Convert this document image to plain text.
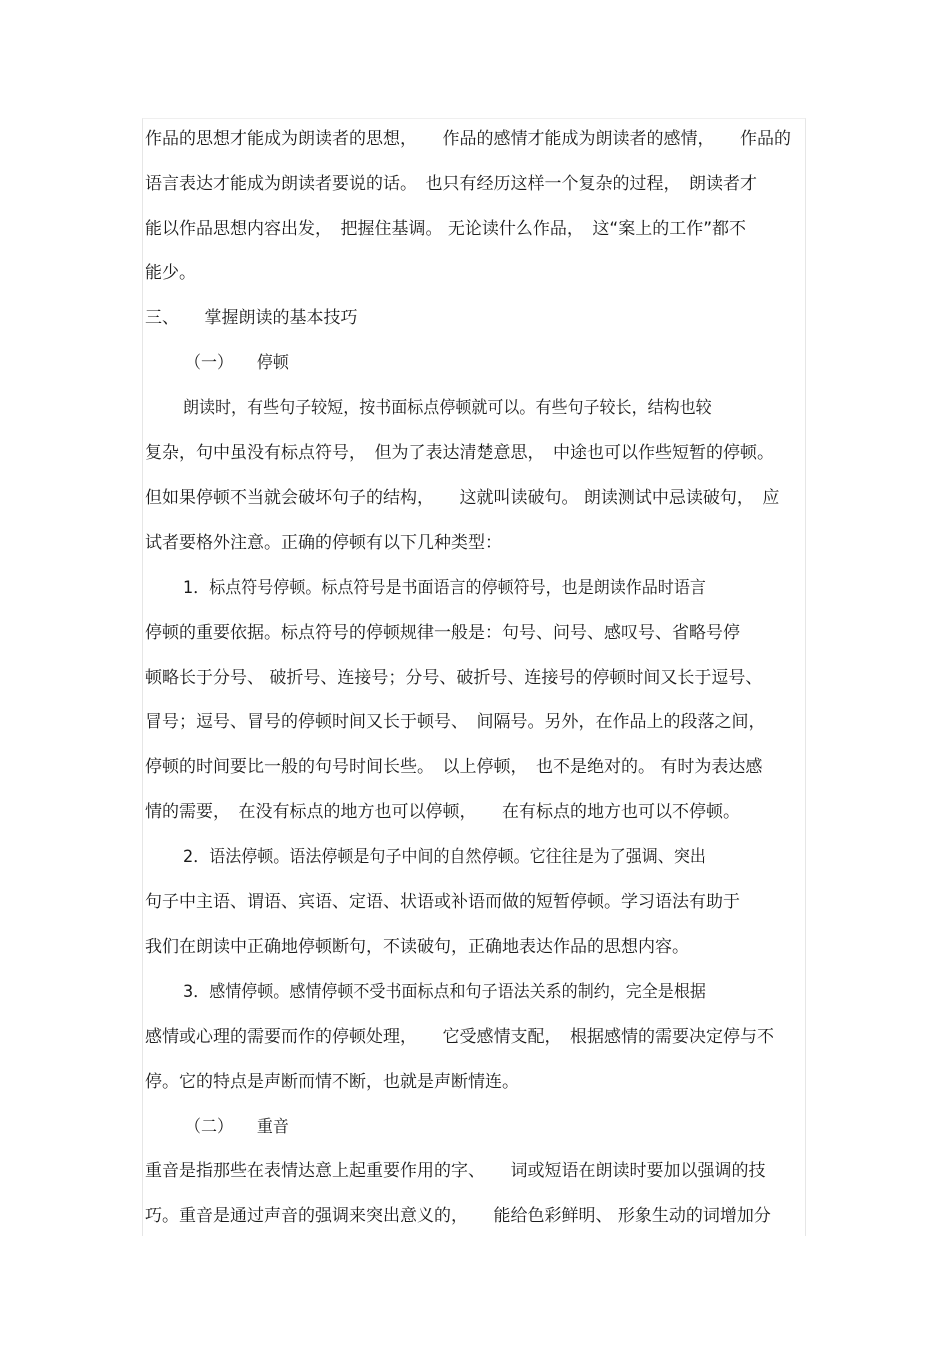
作品的思想才能成为朗读者的思想，　　作品的感情才能成为朗读者的感情，　　作品的
语言表达才能成为朗读者要说的话。　也只有经历这样一个复杂的过程，　朗读者才
能以作品思想内容出发，　把握住基调。 无论读什么作品，　这“案上的工作”都不
能少。
三、　　掌握朗读的基本技巧
（一）　　停顿
朗读时，有些句子较短，按书面标点停顿就可以。有些句子较长，结构也较
复杂，句中虽没有标点符号，　但为了表达清楚意思，　中途也可以作些短暂的停顿。
但如果停顿不当就会破坏句子的结构，　　这就叫读破句。 朗读测试中忌读破句，　应
试者要格外注意。正确的停顿有以下几种类型：
1．标点符号停顿。标点符号是书面语言的停顿符号，也是朗读作品时语言
停顿的重要依据。标点符号的停顿规律一般是：句号、问号、感叹号、省略号停
顿略长于分号、 破折号、连接号；分号、破折号、连接号的停顿时间又长于逗号、
冒号；逗号、冒号的停顿时间又长于顿号、　间隔号。另外，在作品上的段落之间，
停顿的时间要比一般的句号时间长些。　以上停顿，　也不是绝对的。 有时为表达感
情的需要，　在没有标点的地方也可以停顿，　　在有标点的地方也可以不停顿。
2．语法停顿。语法停顿是句子中间的自然停顿。它往往是为了强调、突出
句子中主语、谓语、宾语、定语、状语或补语而做的短暂停顿。学习语法有助于
我们在朗读中正确地停顿断句，不读破句，正确地表达作品的思想内容。
3．感情停顿。感情停顿不受书面标点和句子语法关系的制约，完全是根据
感情或心理的需要而作的停顿处理，　　它受感情支配，　根据感情的需要决定停与不
停。它的特点是声断而情不断，也就是声断情连。
（二）　　重音
重音是指那些在表情达意上起重要作用的字、　　词或短语在朗读时要加以强调的技
巧。重音是通过声音的强调来突出意义的，　　能给色彩鲜明、 形象生动的词增加分
